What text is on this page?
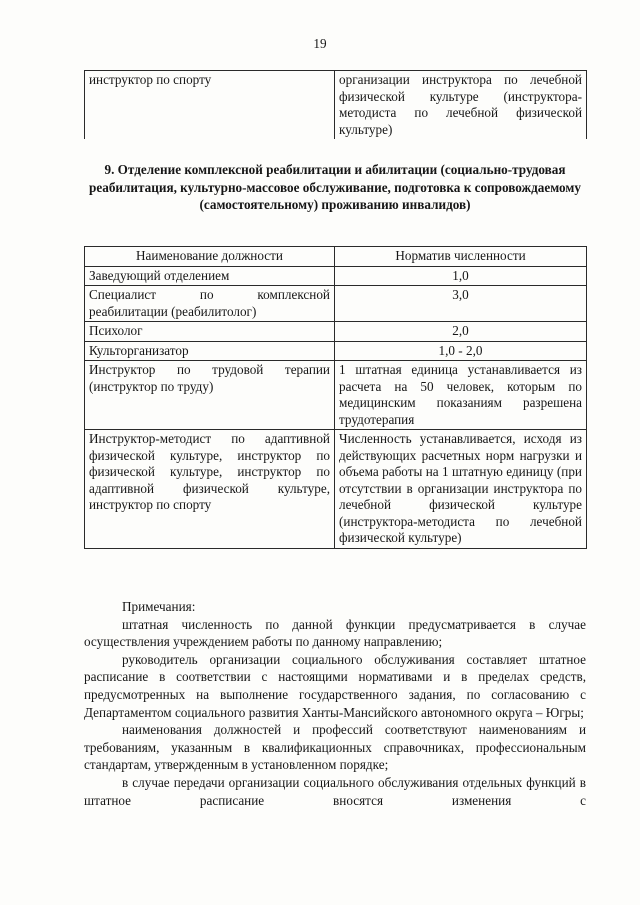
19
инструктор по спорту	организации инструктора по лечебной физической культуре (инструктора-методиста по лечебной физической культуре)
9. Отделение комплексной реабилитации и абилитации (социально-трудовая реабилитация, культурно-массовое обслуживание, подготовка к сопровождаемому (самостоятельному) проживанию инвалидов)
Наименование должности	Норматив численности
Заведующий отделением	1,0
Специалист по комплексной реабилитации (реабилитолог)	3,0
Психолог	2,0
Культорганизатор	1,0 - 2,0
Инструктор по трудовой терапии (инструктор по труду)	1 штатная единица устанавливается из расчета на 50 человек, которым по медицинским показаниям разрешена трудотерапия
Инструктор-методист по адаптивной физической культуре, инструктор по физической культуре, инструктор по адаптивной физической культуре, инструктор по спорту	Численность устанавливается, исходя из действующих расчетных норм нагрузки и объема работы на 1 штатную единицу (при отсутствии в организации инструктора по лечебной физической культуре (инструктора-методиста по лечебной физической культуре)

Примечания:

штатная численность по данной функции предусматривается в случае осуществления учреждением работы по данному направлению;

руководитель организации социального обслуживания составляет штатное расписание в соответствии с настоящими нормативами и в пределах средств, предусмотренных на выполнение государственного задания, по согласованию с Департаментом социального развития Ханты-Мансийского автономного округа – Югры;

наименования должностей и профессий соответствуют наименованиям и требованиям, указанным в квалификационных справочниках, профессиональным стандартам, утвержденным в установленном порядке;

в случае передачи организации социального обслуживания отдельных функций в штатное расписание вносятся изменения с
